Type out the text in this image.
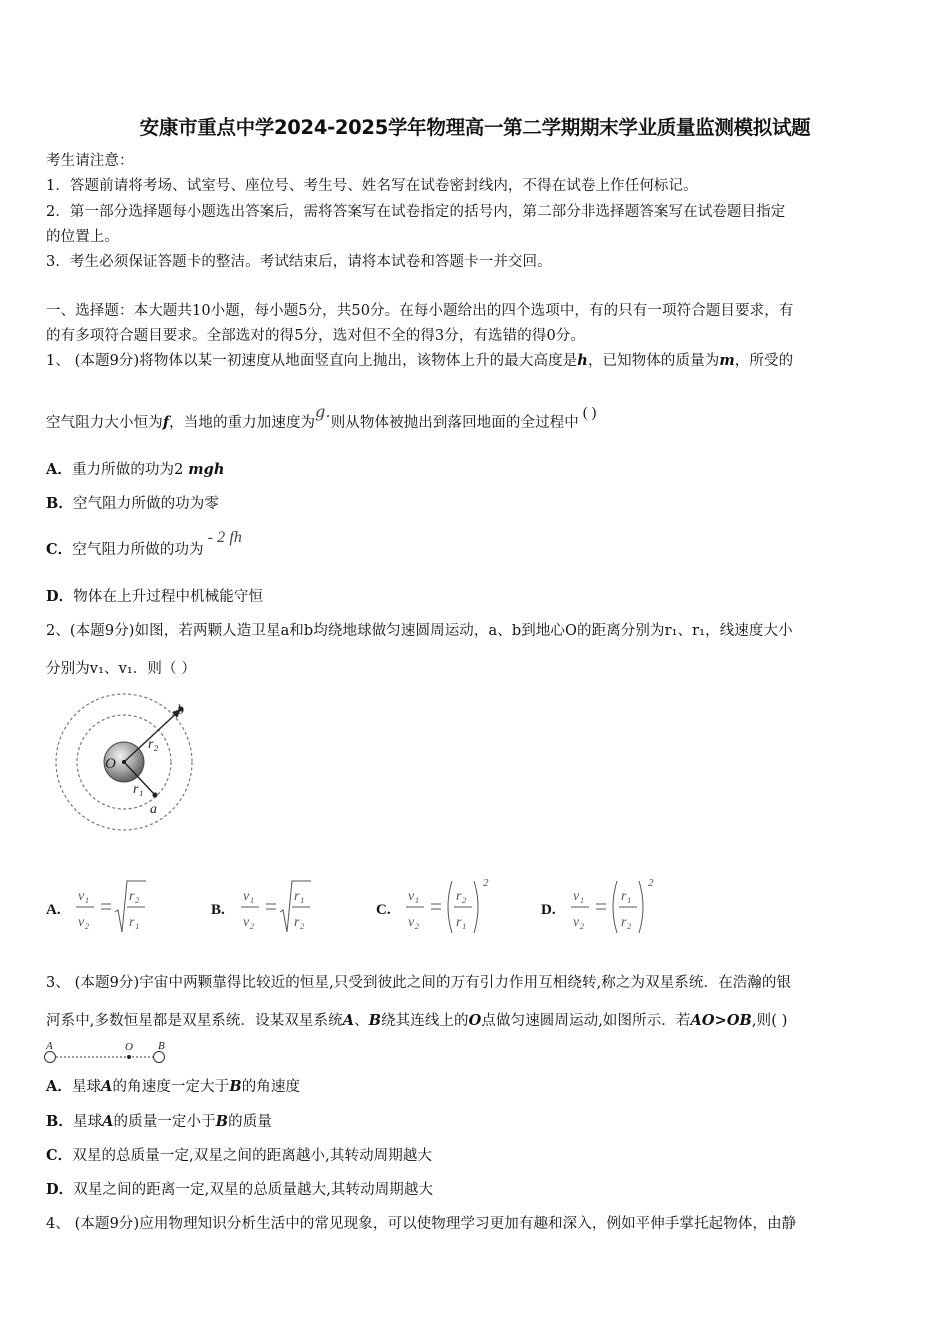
安康市重点中学2024-2025学年物理高一第二学期期末学业质量监测模拟试题
考生请注意：
1．答题前请将考场、试室号、座位号、考生号、姓名写在试卷密封线内，不得在试卷上作任何标记。
2．第一部分选择题每小题选出答案后，需将答案写在试卷指定的括号内，第二部分非选择题答案写在试卷题目指定
的位置上。
3．考生必须保证答题卡的整洁。考试结束后，请将本试卷和答题卡一并交回。
一、选择题：本大题共10小题，每小题5分，共50分。在每小题给出的四个选项中，有的只有一项符合题目要求，有
的有多项符合题目要求。全部选对的得5分，选对但不全的得3分，有选错的得0分。
1、 (本题9分)将物体以某一初速度从地面竖直向上抛出，该物体上升的最大高度是h，已知物体的质量为m，所受的
空气阻力大小恒为f，当地的重力加速度为g.则从物体被抛出到落回地面的全过程中( )
A．重力所做的功为2 mgh
B．空气阻力所做的功为零
C．空气阻力所做的功为- 2 fh
D．物体在上升过程中机械能守恒
2、(本题9分)如图，若两颗人造卫星a和b均绕地球做匀速圆周运动，a、b到地心O的距离分别为r₁、r₁，线速度大小
分别为v₁、v₁．则（ ）
O
b
a
r₂
r₁
A.
v₁
v₂
r₂
r₁
B.
v₁
v₂
r₁
r₂
C.
v₁
v₂
r₂
r₁
2
D.
v₁
v₂
r₁
r₂
2
3、 (本题9分)宇宙中两颗靠得比较近的恒星,只受到彼此之间的万有引力作用互相绕转,称之为双星系统．在浩瀚的银
河系中,多数恒星都是双星系统．设某双星系统A、B绕其连线上的O点做匀速圆周运动,如图所示．若AO>OB,则( )
A	O B
A．星球A的角速度一定大于B的角速度
B．星球A的质量一定小于B的质量
C．双星的总质量一定,双星之间的距离越小,其转动周期越大
D．双星之间的距离一定,双星的总质量越大,其转动周期越大
4、 (本题9分)应用物理知识分析生活中的常见现象，可以使物理学习更加有趣和深入，例如平伸手掌托起物体，由静
